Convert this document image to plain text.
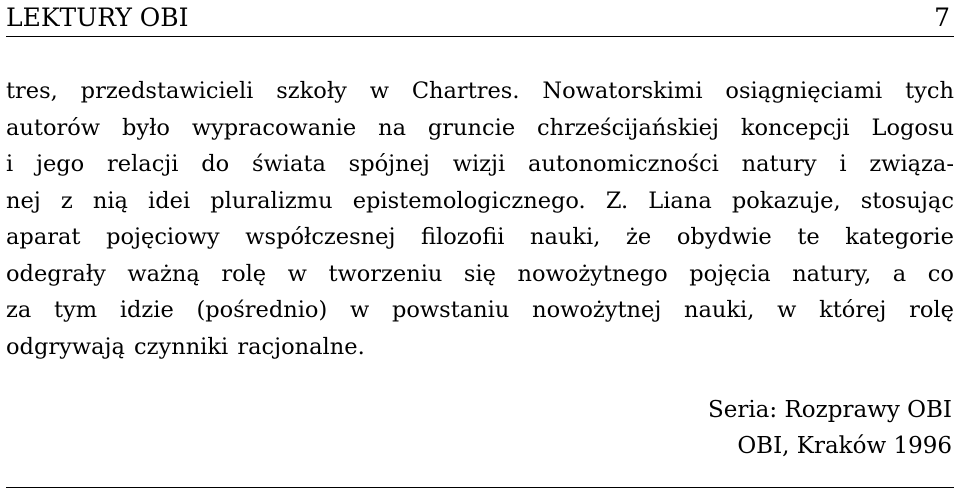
LEKTURY OBI	7
tres, przedstawicieli szkoły w Chartres. Nowatorskimi osiągnięciami tych
autorów było wypracowanie na gruncie chrześcijańskiej koncepcji Logosu
i jego relacji do świata spójnej wizji autonomiczności natury i związa-
nej z nią idei pluralizmu epistemologicznego. Z. Liana pokazuje, stosując
aparat pojęciowy współczesnej filozofii nauki, że obydwie te kategorie
odegrały ważną rolę w tworzeniu się nowożytnego pojęcia natury, a co
za tym idzie (pośrednio) w powstaniu nowożytnej nauki, w której rolę
odgrywają czynniki racjonalne.
Seria: Rozprawy OBI
OBI, Kraków 1996
